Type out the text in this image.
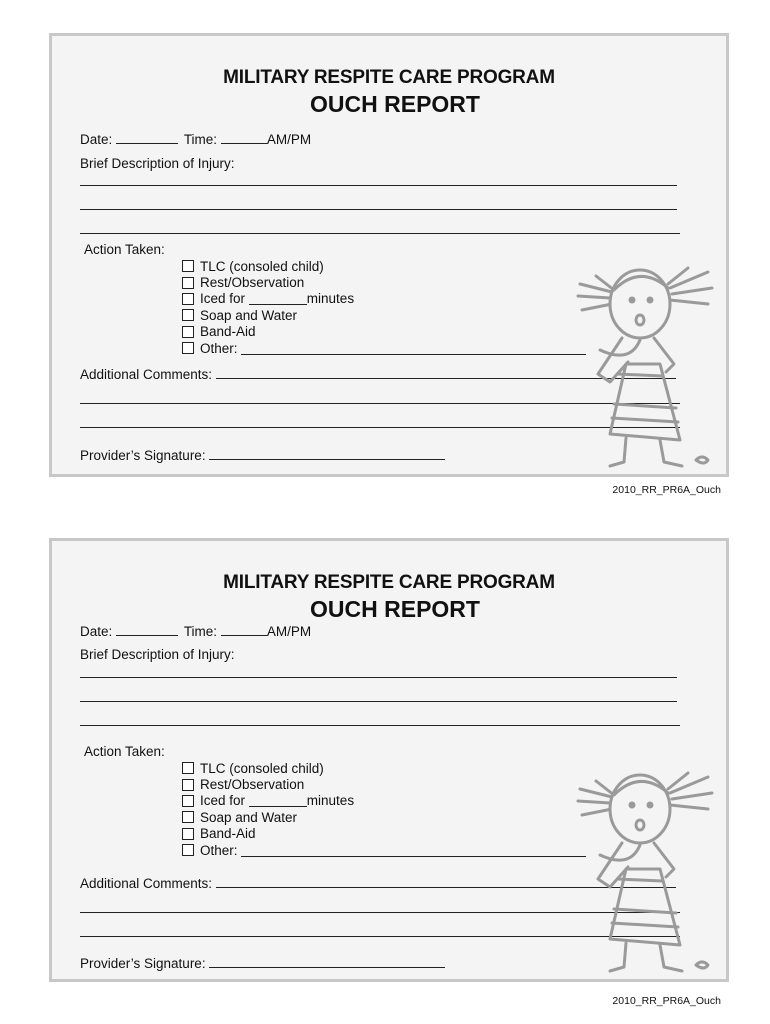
MILITARY RESPITE CARE PROGRAM
OUCH REPORT
Date:	Time:	AM/PM
Brief Description of Injury:
Action Taken:
TLC (consoled child)
Rest/Observation
Iced for
	minutes
Soap and Water
Band-Aid
Other:

Additional Comments:
Provider’s Signature:
2010_RR_PR6A_Ouch
MILITARY RESPITE CARE PROGRAM
OUCH REPORT
Date:	Time:	AM/PM
Brief Description of Injury:
Action Taken:
TLC (consoled child)
Rest/Observation
Iced for
	minutes
Soap and Water
Band-Aid
Other:

Additional Comments:
Provider’s Signature:
2010_RR_PR6A_Ouch
